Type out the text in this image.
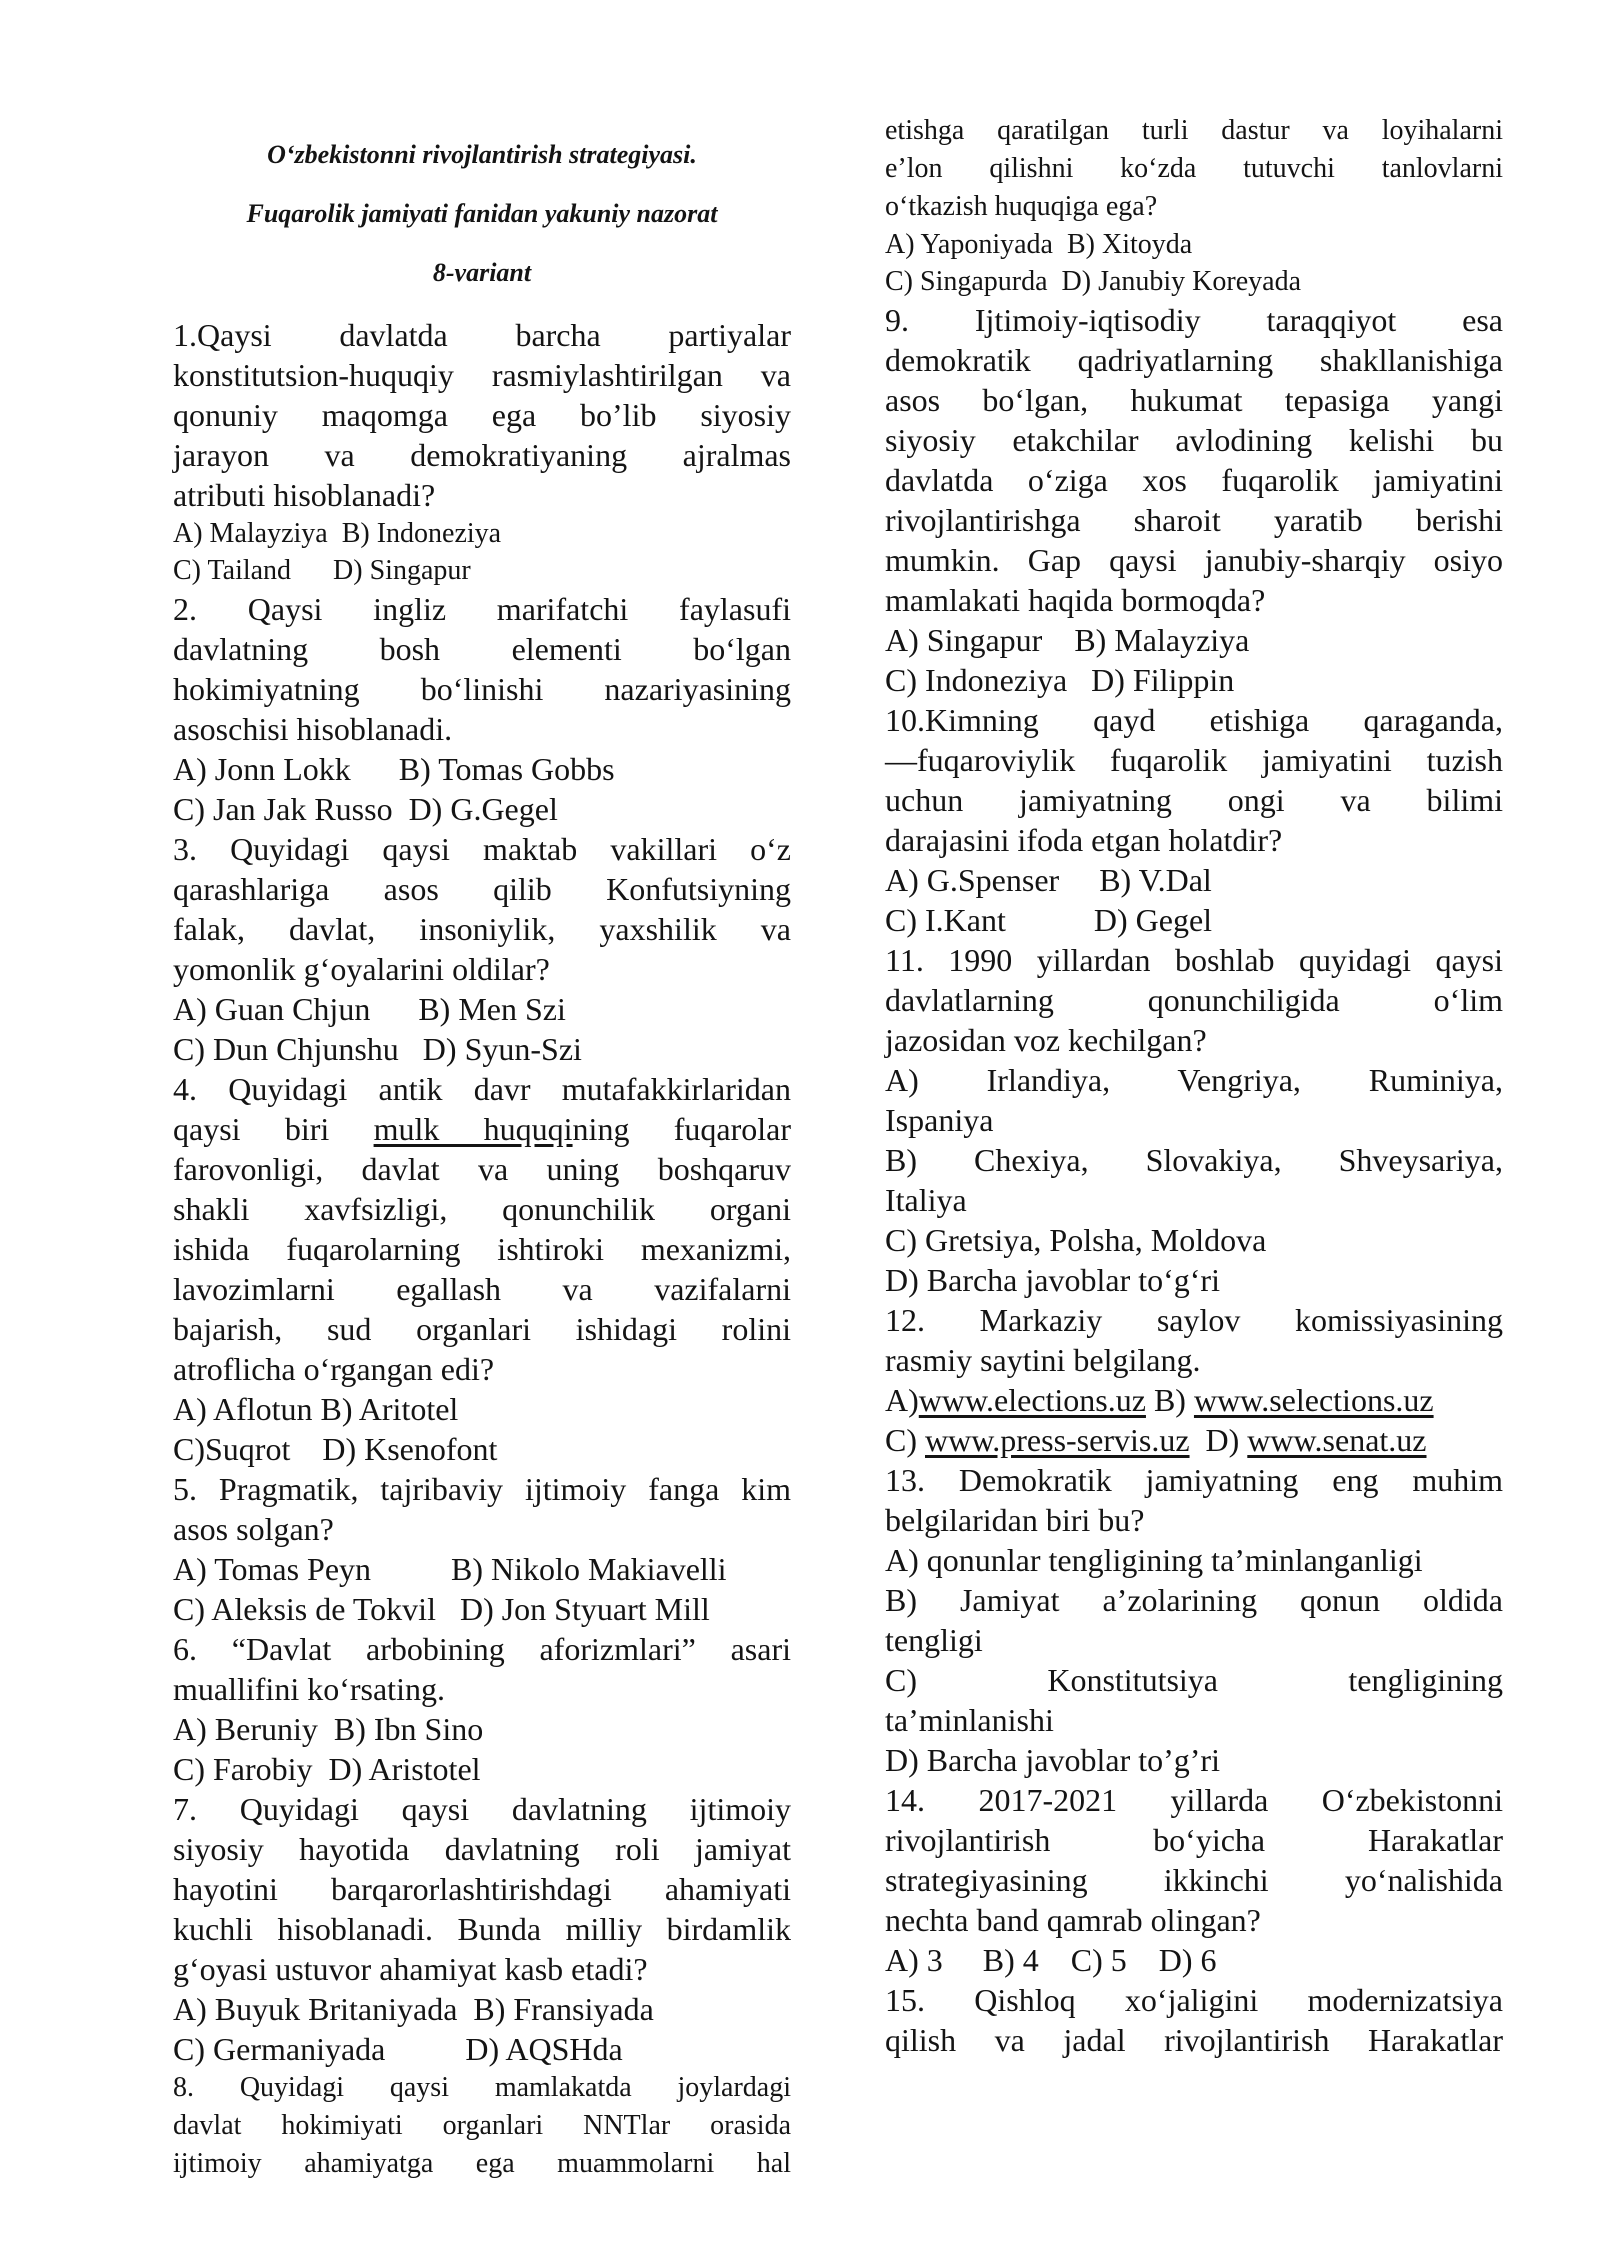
O‘zbekistonni rivojlantirish strategiyasi.

Fuqarolik jamiyati fanidan yakuniy nazorat

8-variant

1.Qaysi davlatda barcha partiyalar

konstitutsion-huquqiy rasmiylashtirilgan va

qonuniy maqomga ega bo’lib siyosiy

jarayon va demokratiyaning ajralmas

atributi hisoblanadi?

A) Malayziya  B) Indoneziya

C) Tailand      D) Singapur

2. Qaysi ingliz marifatchi faylasufi

davlatning bosh elementi bo‘lgan

hokimiyatning bo‘linishi nazariyasining

asoschisi hisoblanadi.

A) Jonn Lokk      B) Tomas Gobbs

C) Jan Jak Russo  D) G.Gegel

3. Quyidagi qaysi maktab vakillari o‘z

qarashlariga asos qilib Konfutsiyning

falak, davlat, insoniylik, yaxshilik va

yomonlik g‘oyalarini oldilar?

A) Guan Chjun      B) Men Szi

C) Dun Chjunshu   D) Syun-Szi

4. Quyidagi antik davr mutafakkirlaridan

qaysi biri mulk huquqining fuqarolar

farovonligi, davlat va uning boshqaruv

shakli xavfsizligi, qonunchilik organi

ishida fuqarolarning ishtiroki mexanizmi,

lavozimlarni egallash va vazifalarni

bajarish, sud organlari ishidagi rolini

atroflicha o‘rgangan edi?

A) Aflotun B) Aritotel

C)Suqrot    D) Ksenofont

5. Pragmatik, tajribaviy ijtimoiy fanga kim

asos solgan?

A) Tomas Peyn          B) Nikolo Makiavelli

C) Aleksis de Tokvil   D) Jon Styuart Mill

6. “Davlat arbobining aforizmlari” asari

muallifini ko‘rsating.

A) Beruniy  B) Ibn Sino

C) Farobiy  D) Aristotel

7. Quyidagi qaysi davlatning ijtimoiy

siyosiy hayotida davlatning roli jamiyat

hayotini barqarorlashtirishdagi ahamiyati

kuchli hisoblanadi. Bunda milliy birdamlik

g‘oyasi ustuvor ahamiyat kasb etadi?

A) Buyuk Britaniyada  B) Fransiyada

C) Germaniyada          D) AQSHda

8. Quyidagi qaysi mamlakatda joylardagi

davlat hokimiyati organlari NNTlar orasida

ijtimoiy ahamiyatga ega muammolarni hal

etishga qaratilgan turli dastur va loyihalarni

e’lon qilishni ko‘zda tutuvchi tanlovlarni

o‘tkazish huquqiga ega?

A) Yaponiyada  B) Xitoyda

C) Singapurda  D) Janubiy Koreyada

9. Ijtimoiy-iqtisodiy taraqqiyot esa

demokratik qadriyatlarning shakllanishiga

asos bo‘lgan, hukumat tepasiga yangi

siyosiy etakchilar avlodining kelishi bu

davlatda o‘ziga xos fuqarolik jamiyatini

rivojlantirishga sharoit yaratib berishi

mumkin. Gap qaysi janubiy-sharqiy osiyo

mamlakati haqida bormoqda?

A) Singapur    B) Malayziya

C) Indoneziya   D) Filippin

10.Kimning qayd etishiga qaraganda,

—fuqaroviylik fuqarolik jamiyatini tuzish

uchun jamiyatning ongi va bilimi

darajasini ifoda etgan holatdir?

A) G.Spenser     B) V.Dal

C) I.Kant           D) Gegel

11. 1990 yillardan boshlab quyidagi qaysi

davlatlarning qonunchiligida o‘lim

jazosidan voz kechilgan?

A) Irlandiya, Vengriya, Ruminiya,

Ispaniya

B) Chexiya, Slovakiya, Shveysariya,

Italiya

C) Gretsiya, Polsha, Moldova

D) Barcha javoblar to‘g‘ri

12. Markaziy saylov komissiyasining

rasmiy saytini belgilang.

A)www.elections.uz B) www.selections.uz

C) www.press-servis.uz  D) www.senat.uz

13. Demokratik jamiyatning eng muhim

belgilaridan biri bu?

A) qonunlar tengligining ta’minlanganligi

B) Jamiyat a’zolarining qonun oldida

tengligi

C) Konstitutsiya tengligining

ta’minlanishi

D) Barcha javoblar to’g’ri

14. 2017-2021 yillarda O‘zbekistonni

rivojlantirish bo‘yicha Harakatlar

strategiyasining ikkinchi yo‘nalishida

nechta band qamrab olingan?

A) 3     B) 4    C) 5    D) 6

15. Qishloq xo‘jaligini modernizatsiya

qilish va jadal rivojlantirish Harakatlar
